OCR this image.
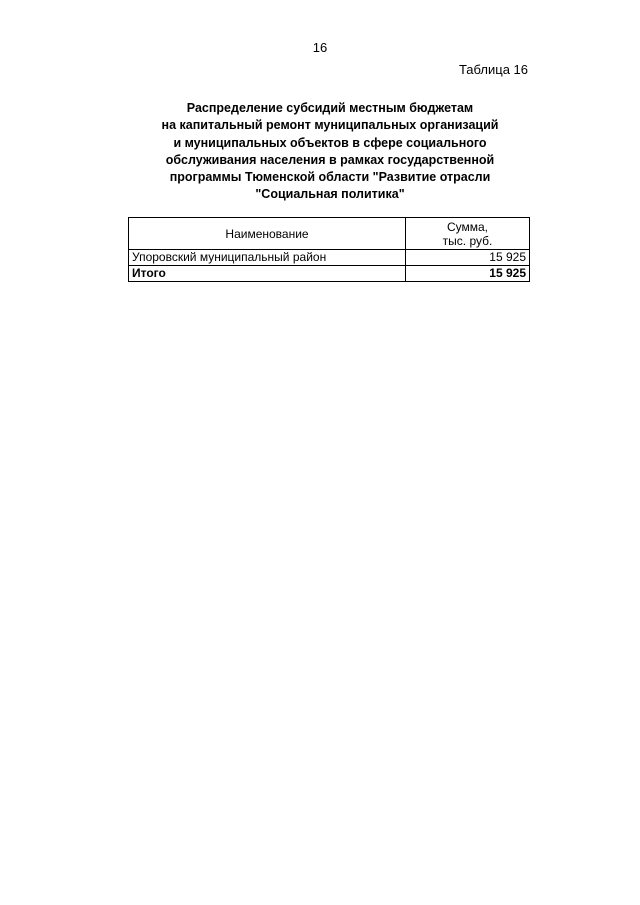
16
Таблица 16
Распределение субсидий местным бюджетам
на капитальный ремонт муниципальных организаций
и муниципальных объектов в сфере социального
обслуживания населения в рамках государственной
программы Тюменской области "Развитие отрасли
"Социальная политика"
Наименование	Сумма,
тыс. руб.

Упоровский муниципальный район	15 925
Итого	15 925
